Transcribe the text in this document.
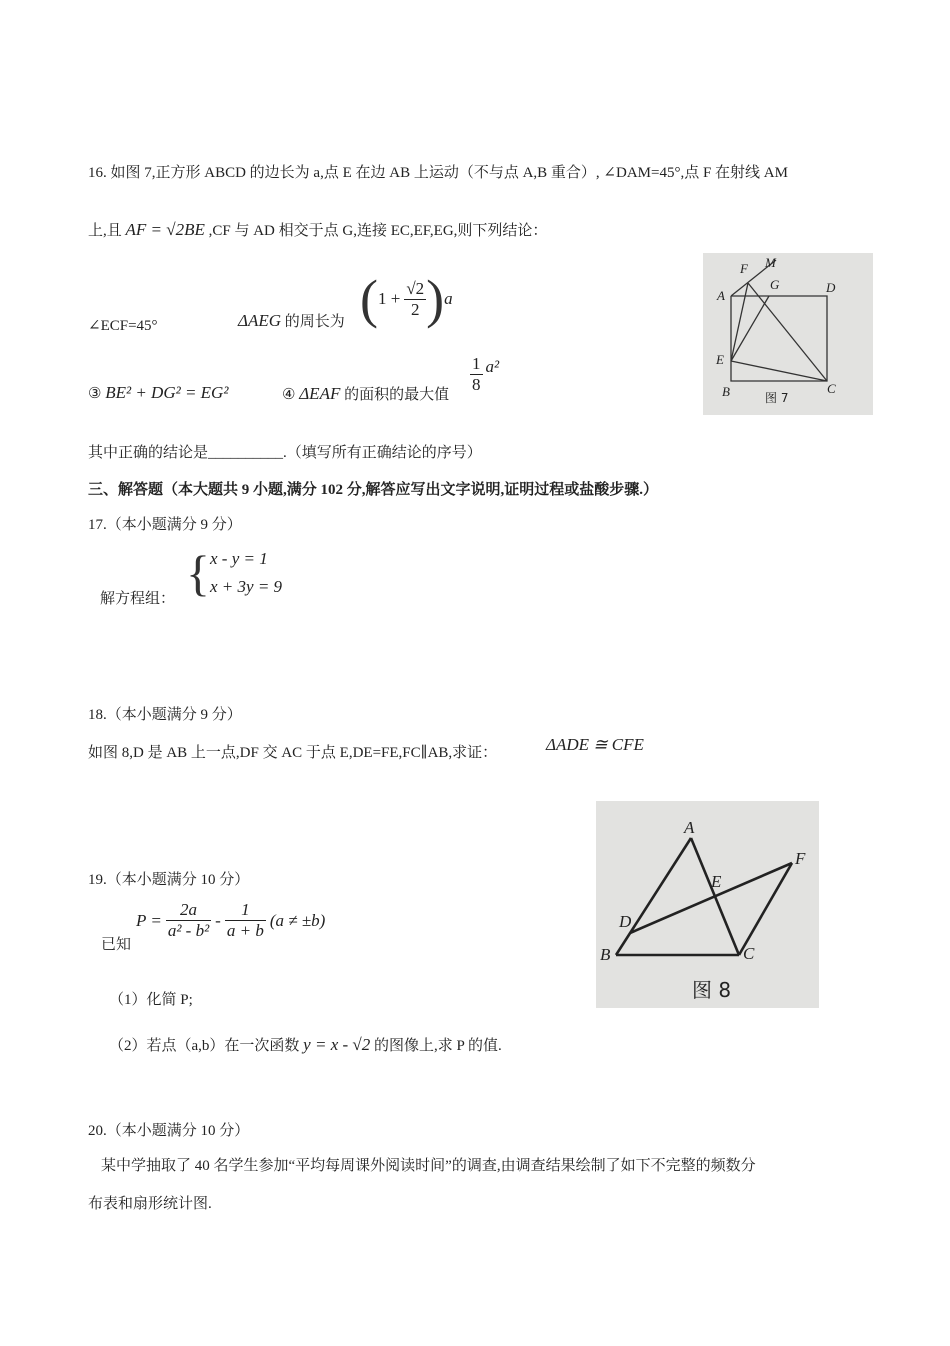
16. 如图 7,正方形 ABCD 的边长为 a,点 E 在边 AB 上运动（不与点 A,B 重合）, ∠DAM=45°,点 F 在射线 AM
上,且 AF = √2BE ,CF 与 AD 相交于点 G,连接 EC,EF,EG,则下列结论：
∠ECF=45°	ΔAEG 的周长为 ( $1 + \frac{√2}{2}$ ) a
③ BE² + DG² = EG²	④ ΔEAF 的面积的最大值 $\frac{1}{8} a^2$
其中正确的结论是__________.（填写所有正确结论的序号）
F M
A
G	D
E
B	C
图 7
三、解答题（本大题共 9 小题,满分 102 分,解答应写出文字说明,证明过程或盐酸步骤.）
17.（本小题满分 9 分）
解方程组： { x - y = 1
x + 3y = 9
18.（本小题满分 9 分）
如图 8,D 是 AB 上一点,DF 交 AC 于点 E,DE=FE,FC∥AB,求证：	ΔADE ≅ CFE
A
F
E
D
B	C
图 8
19.（本小题满分 10 分）
已知
$P = \frac{2a}{\text{a² - b²}} - \frac{1}{a + b} (a \ne \pm b)$
（1）化简 P;
（2）若点（a,b）在一次函数 y = x - √2 的图像上,求 P 的值.
20.（本小题满分 10 分）
某中学抽取了 40 名学生参加“平均每周课外阅读时间”的调查,由调查结果绘制了如下不完整的频数分
布表和扇形统计图.
